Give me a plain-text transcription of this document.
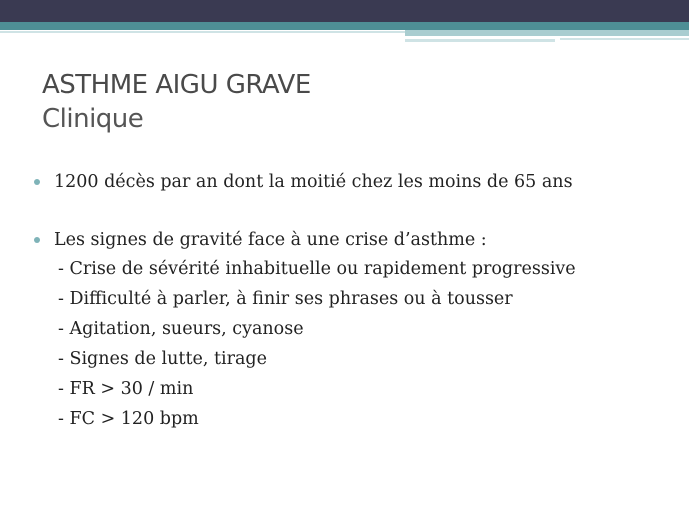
ASTHME AIGU GRAVE
Clinique
1200 décès par an dont la moitié chez les moins de 65 ans
Les signes de gravité face à une crise d’asthme :
- Crise de sévérité inhabituelle ou rapidement progressive
- Difficulté à parler, à finir ses phrases ou à tousser
- Agitation, sueurs, cyanose
- Signes de lutte, tirage
- FR > 30 / min
- FC > 120 bpm
